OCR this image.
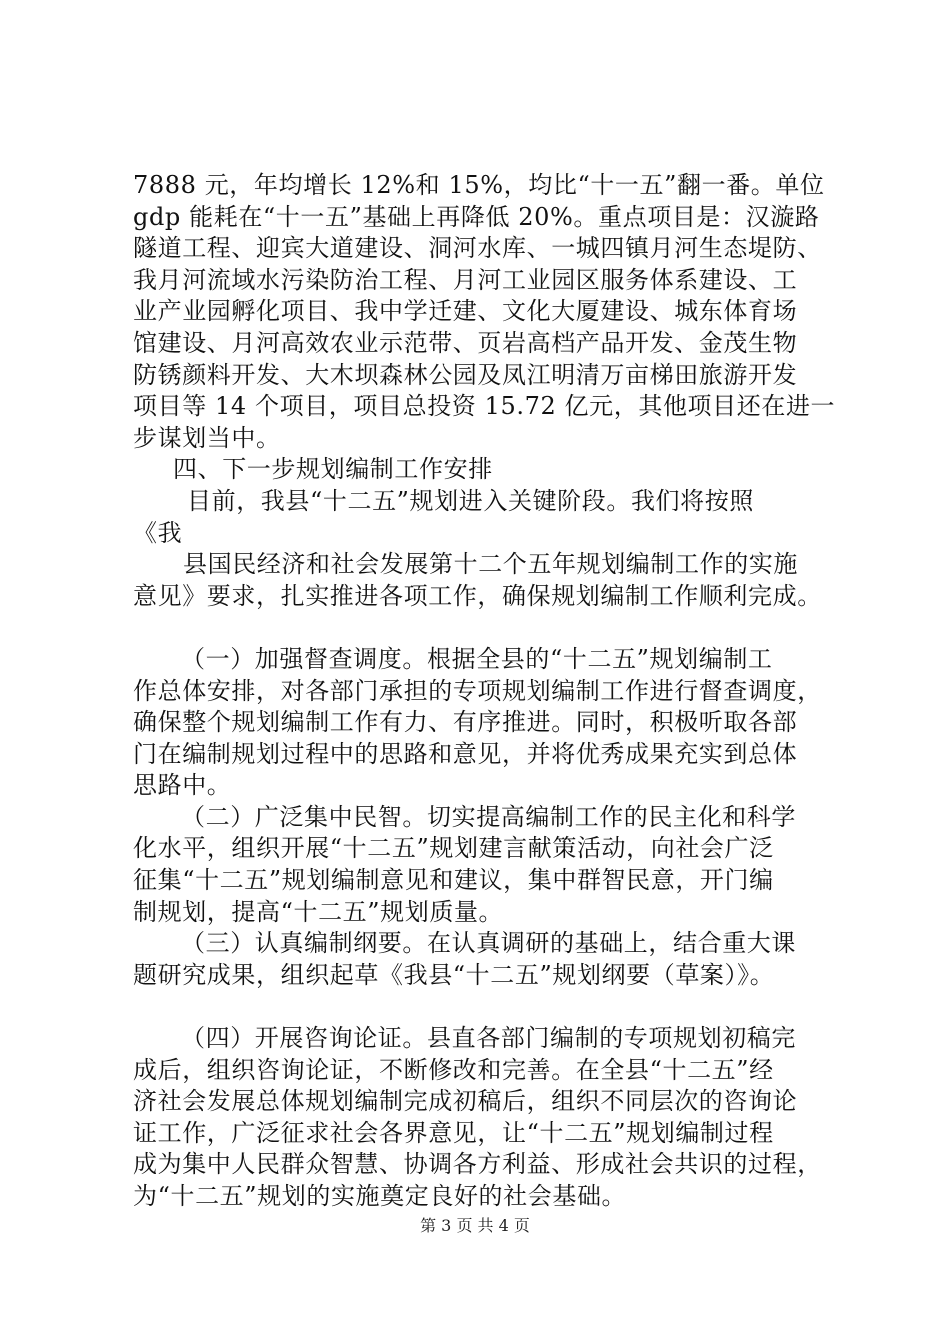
7888 元，年均增长 12%和 15%，均比“十一五”翻一番。单位
gdp 能耗在“十一五”基础上再降低 20%。重点项目是：汉漩路
隧道工程、迎宾大道建设、洞河水库、一城四镇月河生态堤防、
我月河流域水污染防治工程、月河工业园区服务体系建设、工
业产业园孵化项目、我中学迁建、文化大厦建设、城东体育场
馆建设、月河高效农业示范带、页岩高档产品开发、金茂生物
防锈颜料开发、大木坝森林公园及凤江明清万亩梯田旅游开发
项目等 14 个项目，项目总投资 15.72 亿元，其他项目还在进一
步谋划当中。
四、下一步规划编制工作安排
目前，我县“十二五”规划进入关键阶段。我们将按照
《我
县国民经济和社会发展第十二个五年规划编制工作的实施
意见》要求，扎实推进各项工作，确保规划编制工作顺利完成。
（一）加强督查调度。根据全县的“十二五”规划编制工
作总体安排，对各部门承担的专项规划编制工作进行督查调度，
确保整个规划编制工作有力、有序推进。同时，积极听取各部
门在编制规划过程中的思路和意见，并将优秀成果充实到总体
思路中。
（二）广泛集中民智。切实提高编制工作的民主化和科学
化水平，组织开展“十二五”规划建言献策活动，向社会广泛
征集“十二五”规划编制意见和建议，集中群智民意，开门编
制规划，提高“十二五”规划质量。
（三）认真编制纲要。在认真调研的基础上，结合重大课
题研究成果，组织起草《我县“十二五”规划纲要（草案）》。
（四）开展咨询论证。县直各部门编制的专项规划初稿完
成后，组织咨询论证，不断修改和完善。在全县“十二五”经
济社会发展总体规划编制完成初稿后，组织不同层次的咨询论
证工作，广泛征求社会各界意见，让“十二五”规划编制过程
成为集中人民群众智慧、协调各方利益、形成社会共识的过程，
为“十二五”规划的实施奠定良好的社会基础。
第 3 页 共 4 页
